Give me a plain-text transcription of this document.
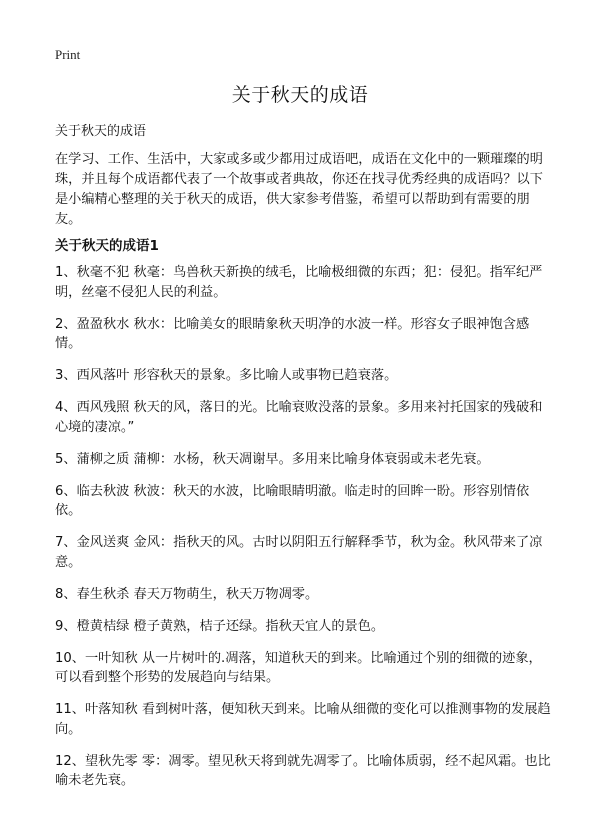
Print
关于秋天的成语
关于秋天的成语

在学习、工作、生活中，大家或多或少都用过成语吧，成语在文化中的一颗璀璨的明珠，并且每个成语都代表了一个故事或者典故，你还在找寻优秀经典的成语吗？以下是小编精心整理的关于秋天的成语，供大家参考借鉴，希望可以帮助到有需要的朋友。

关于秋天的成语1
1、秋毫不犯 秋毫：鸟兽秋天新换的绒毛，比喻极细微的东西；犯：侵犯。指军纪严明，丝毫不侵犯人民的利益。
2、盈盈秋水 秋水：比喻美女的眼睛象秋天明净的水波一样。形容女子眼神饱含感情。
3、西风落叶 形容秋天的景象。多比喻人或事物已趋衰落。
4、西风残照 秋天的风，落日的光。比喻衰败没落的景象。多用来衬托国家的残破和心境的凄凉。”
5、蒲柳之质 蒲柳：水杨，秋天凋谢早。多用来比喻身体衰弱或未老先衰。
6、临去秋波 秋波：秋天的水波，比喻眼睛明澈。临走时的回眸一盼。形容别情依依。
7、金风送爽 金风：指秋天的风。古时以阴阳五行解释季节，秋为金。秋风带来了凉意。
8、春生秋杀 春天万物萌生，秋天万物凋零。
9、橙黄桔绿 橙子黄熟，桔子还绿。指秋天宜人的景色。
10、一叶知秋 从一片树叶的.凋落，知道秋天的到来。比喻通过个别的细微的迹象，可以看到整个形势的发展趋向与结果。
11、叶落知秋 看到树叶落，便知秋天到来。比喻从细微的变化可以推测事物的发展趋向。
12、望秋先零 零：凋零。望见秋天将到就先凋零了。比喻体质弱，经不起风霜。也比喻未老先衰。
